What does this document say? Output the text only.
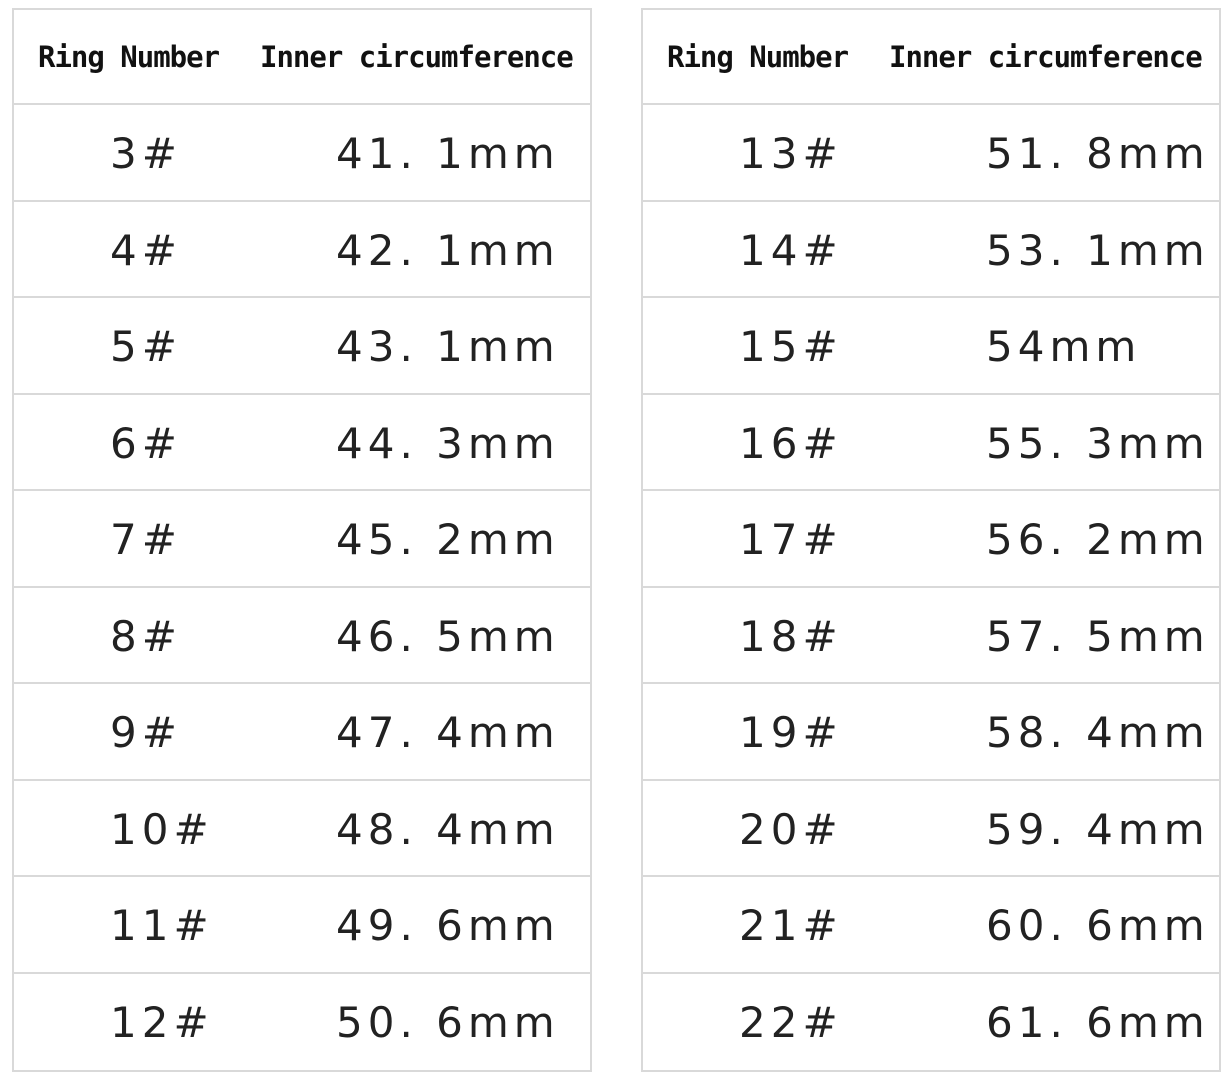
Ring Number Inner circumference
3#	41. 1mm
4#	42. 1mm
5#	43. 1mm
6#	44. 3mm
7#	45. 2mm
8#	46. 5mm
9#	47. 4mm
10#	48. 4mm
11#	49. 6mm
12#	50. 6mm
Ring Number Inner circumference
13#	51. 8mm
14#	53. 1mm
15#	54mm
16#	55. 3mm
17#	56. 2mm
18#	57. 5mm
19#	58. 4mm
20#	59. 4mm
21#	60. 6mm
22#	61. 6mm
